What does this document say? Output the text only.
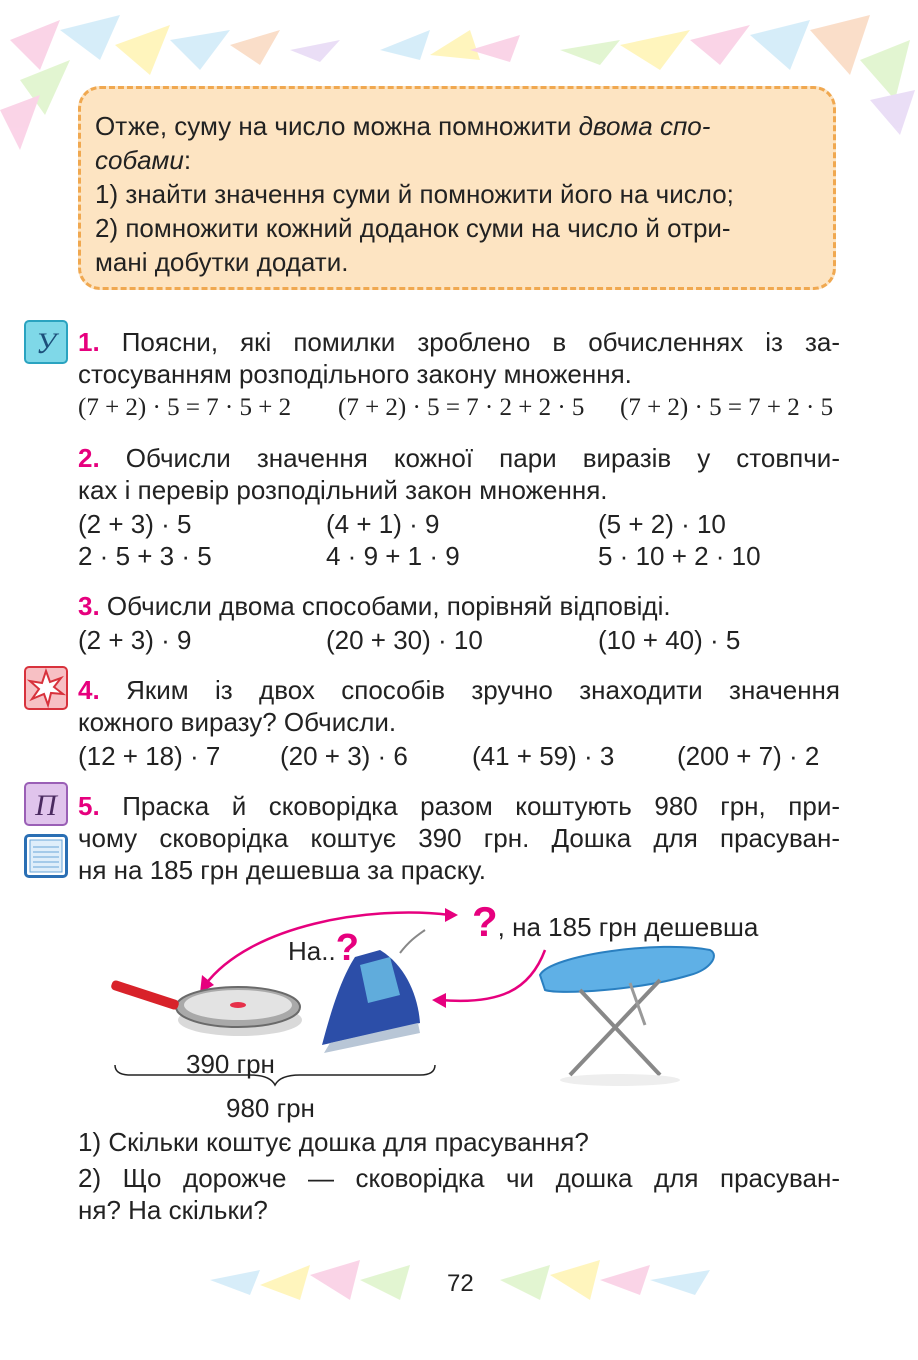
Отже, суму на число можна помножити двома спо-

собами:

1) знайти значення суми й помножити його на число;

2) помножити кожний доданок суми на число й отри-

мані добутки додати.

У 1. Поясни, які помилки зроблено в обчисленнях із за-
стосуванням розподільного закону множення.
(7 + 2) · 5 = 7 · 5 + 2 (7 + 2) · 5 = 7 · 2 + 2 · 5 (7 + 2) · 5 = 7 + 2 · 5
2. Обчисли значення кожної пари виразів у стовпчи-
ках і перевір розподільний закон множення.
(2 + 3) · 5	(4 + 1) · 9	(5 + 2) · 10
2 · 5 + 3 · 5	4 · 9 + 1 · 9	5 · 10 + 2 · 10
3. Обчисли двома способами, порівняй відповіді.
(2 + 3) · 9	(20 + 30) · 10	(10 + 40) · 5
4. Яким із двох способів зручно знаходити значення
кожного виразу? Обчисли.
(12 + 18) · 7 (20 + 3) · 6 (41 + 59) · 3 (200 + 7) · 2
П 5. Праска й сковорідка разом коштують 980 грн, при-
чому сковорідка коштує 390 грн. Дошка для прасуван-
ня на 185 грн дешевша за праску.
На..?
?, на 185 грн дешевша
390 грн
980 грн
1) Скільки коштує дошка для прасування?
2) Що дорожче — сковорідка чи дошка для прасуван-
ня? На скільки?
72
